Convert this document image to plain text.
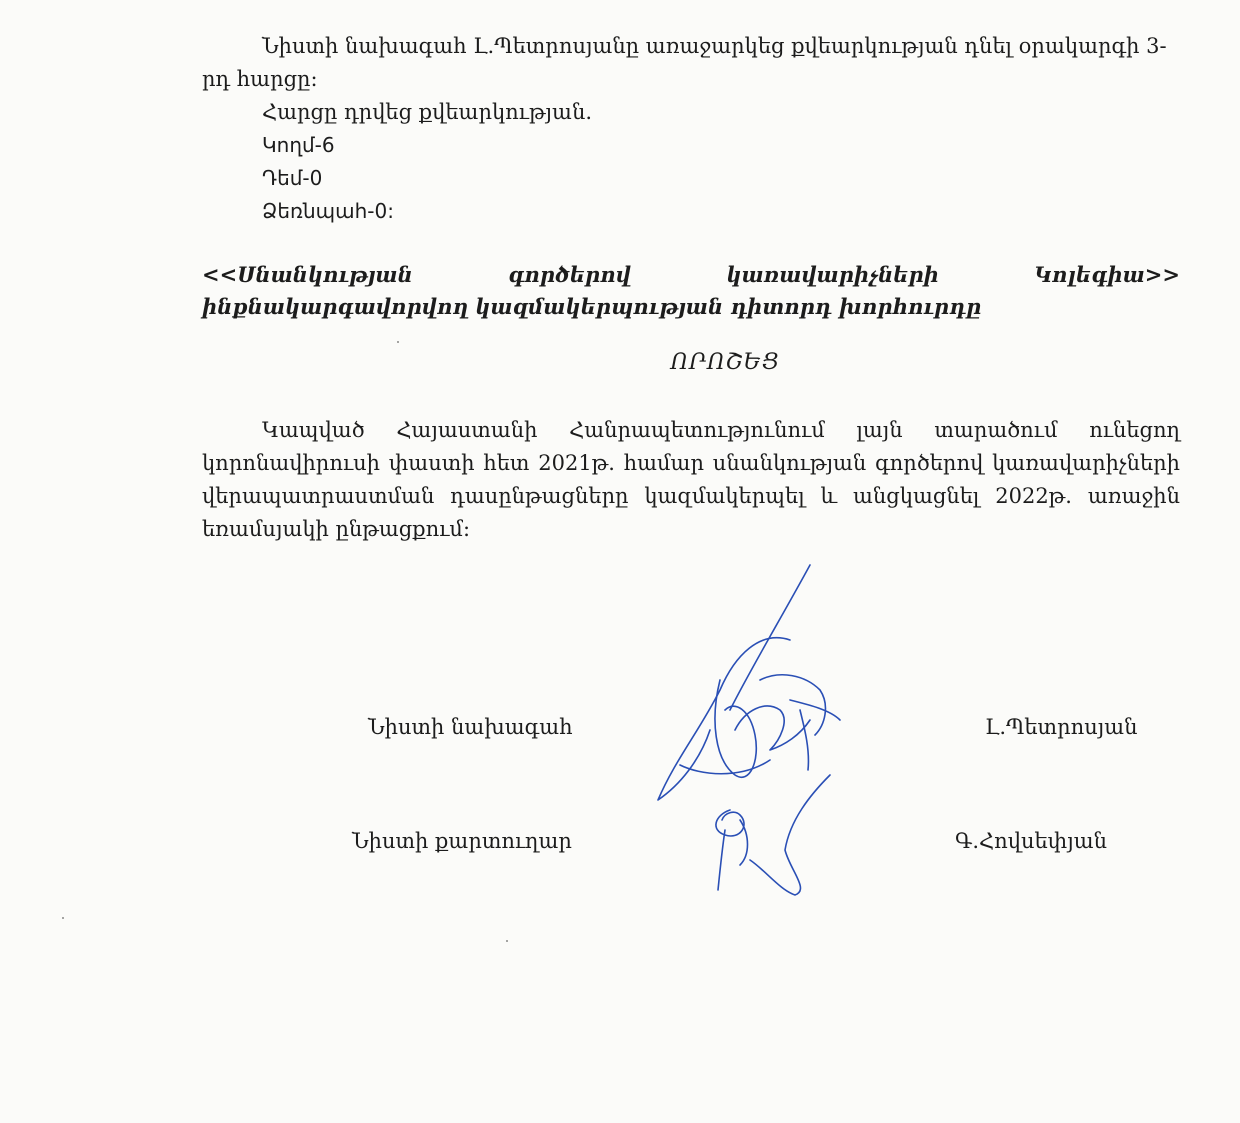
Նիստի նախագահ Լ.Պետրոսյանը առաջարկեց քվեարկության դնել օրակարգի 3-րդ հարցը:

Հարցը դրվեց քվեարկության.

Կողմ-6

Դեմ-0

Ձեռնպահ-0:

<<Սնանկության գործերով կառավարիչների Կոլեգիա>> ինքնակարգավորվող կազմակերպության դիտորդ խորհուրդը

ՈՐՈՇԵՑ

Կապված Հայաստանի Հանրապետությունում լայն տարածում ունեցող կորոնավիրուսի փաստի հետ 2021թ. համար սնանկության գործերով կառավարիչների վերապատրաստման դասընթացները կազմակերպել և անցկացնել 2022թ. առաջին եռամսյակի ընթացքում:

Նիստի նախագահ	Լ.Պետրոսյան
Նիստի քարտուղար	Գ.Հովսեփյան
